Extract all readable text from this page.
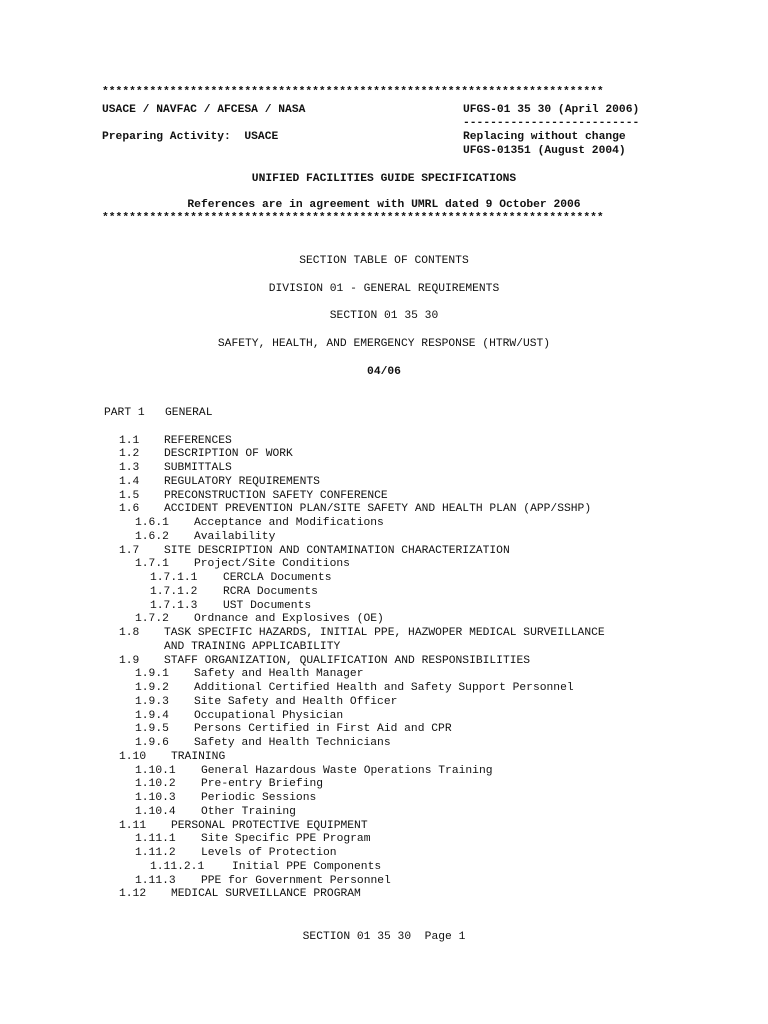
**************************************************************************
USACE / NAVFAC / AFCESA / NASA	UFGS-01 35 30 (April 2006)
--------------------------
Preparing Activity:  USACE	Replacing without change
UFGS-01351 (August 2004)
UNIFIED FACILITIES GUIDE SPECIFICATIONS
References are in agreement with UMRL dated 9 October 2006
**************************************************************************
SECTION TABLE OF CONTENTS
DIVISION 01 - GENERAL REQUIREMENTS
SECTION 01 35 30
SAFETY, HEALTH, AND EMERGENCY RESPONSE (HTRW/UST)
04/06
PART 1   GENERAL
1.1 REFERENCES
1.2 DESCRIPTION OF WORK
1.3 SUBMITTALS
1.4 REGULATORY REQUIREMENTS
1.5 PRECONSTRUCTION SAFETY CONFERENCE
1.6 ACCIDENT PREVENTION PLAN/SITE SAFETY AND HEALTH PLAN (APP/SSHP)
1.6.1 Acceptance and Modifications
1.6.2 Availability
1.7 SITE DESCRIPTION AND CONTAMINATION CHARACTERIZATION
1.7.1 Project/Site Conditions
1.7.1.1 CERCLA Documents
1.7.1.2 RCRA Documents
1.7.1.3 UST Documents
1.7.2 Ordnance and Explosives (OE)
1.8 TASK SPECIFIC HAZARDS, INITIAL PPE, HAZWOPER MEDICAL SURVEILLANCE
AND TRAINING APPLICABILITY
1.9 STAFF ORGANIZATION, QUALIFICATION AND RESPONSIBILITIES
1.9.1 Safety and Health Manager
1.9.2 Additional Certified Health and Safety Support Personnel
1.9.3 Site Safety and Health Officer
1.9.4 Occupational Physician
1.9.5 Persons Certified in First Aid and CPR
1.9.6 Safety and Health Technicians
1.10 TRAINING
1.10.1 General Hazardous Waste Operations Training
1.10.2 Pre-entry Briefing
1.10.3 Periodic Sessions
1.10.4 Other Training
1.11 PERSONAL PROTECTIVE EQUIPMENT
1.11.1 Site Specific PPE Program
1.11.2 Levels of Protection
1.11.2.1 Initial PPE Components
1.11.3 PPE for Government Personnel
1.12 MEDICAL SURVEILLANCE PROGRAM
SECTION 01 35 30  Page 1
